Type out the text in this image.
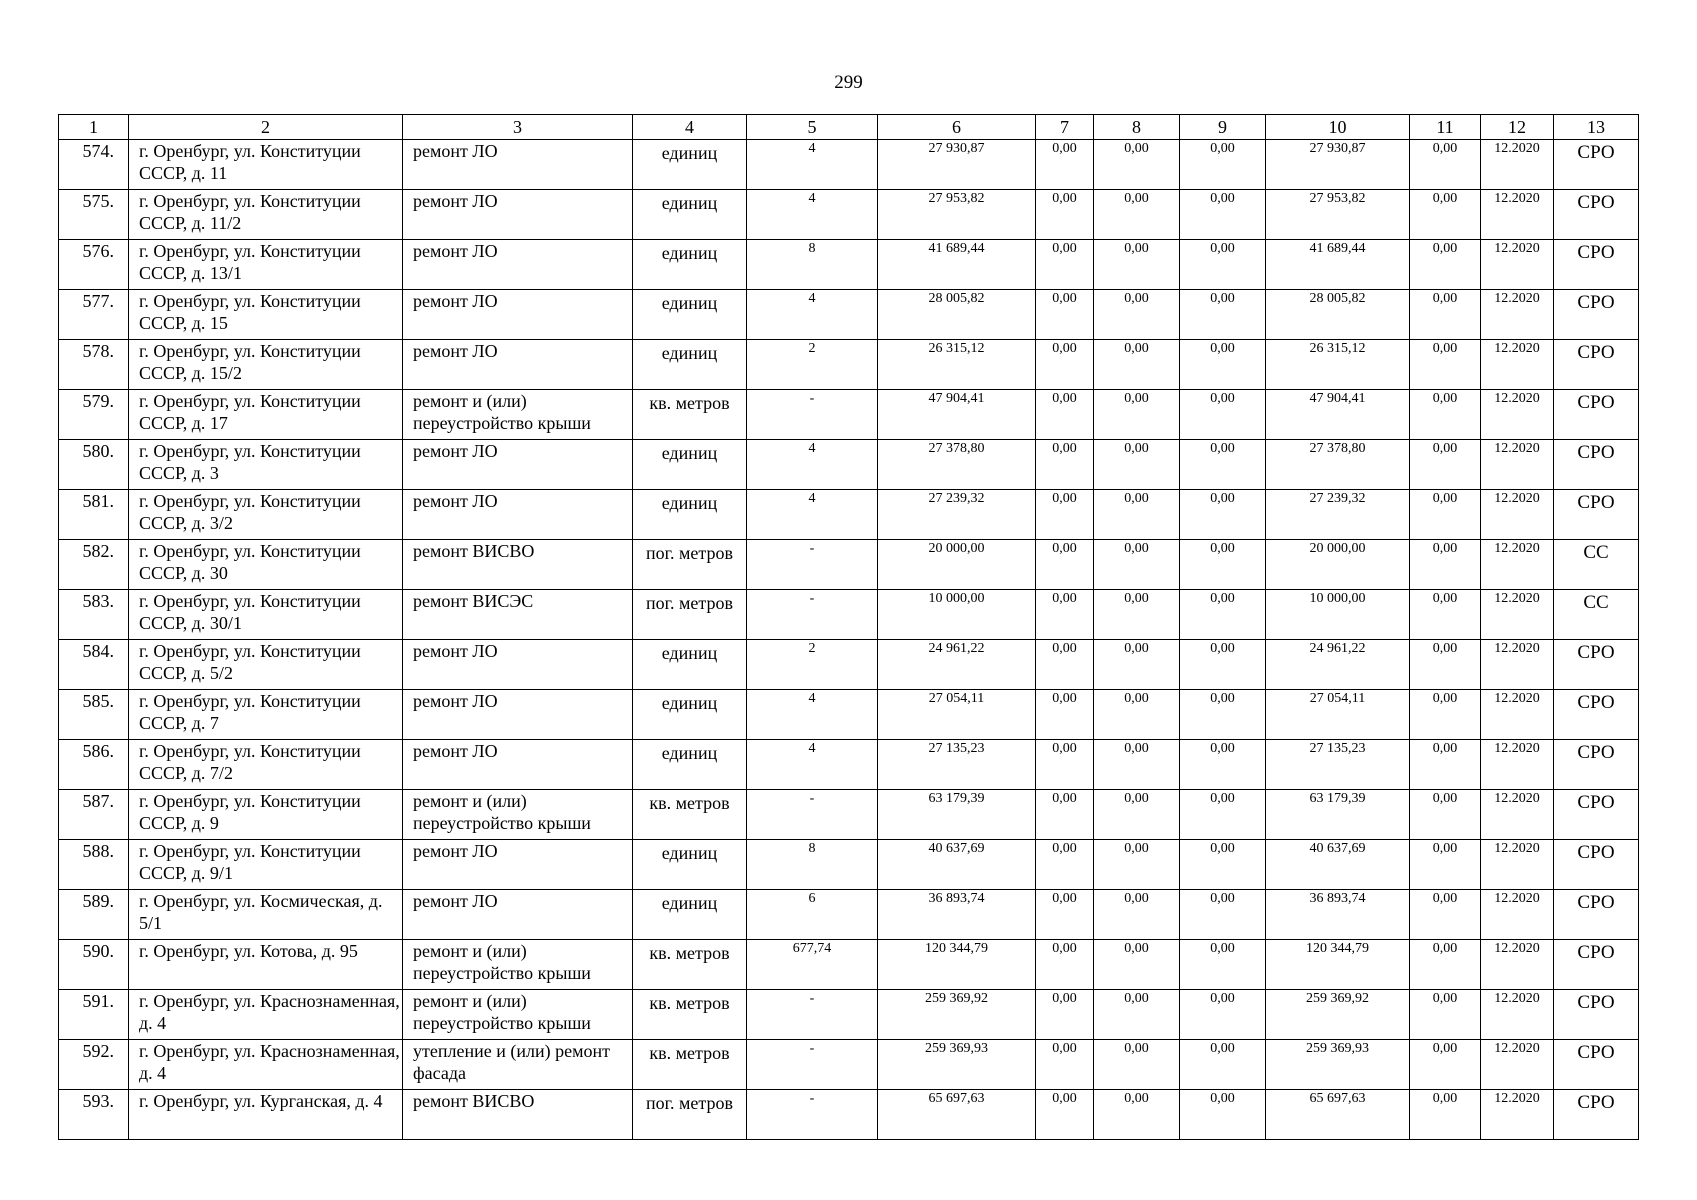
299
1	2	3	4	5	6	7	8	9	10	11	12	13
574.	г. Оренбург, ул. Конституции СССР, д. 11	ремонт ЛО	единиц	4	27 930,87	0,00	0,00	0,00	27 930,87	0,00	12.2020	СРО
575.	г. Оренбург, ул. Конституции СССР, д. 11/2	ремонт ЛО	единиц	4	27 953,82	0,00	0,00	0,00	27 953,82	0,00	12.2020	СРО
576.	г. Оренбург, ул. Конституции СССР, д. 13/1	ремонт ЛО	единиц	8	41 689,44	0,00	0,00	0,00	41 689,44	0,00	12.2020	СРО
577.	г. Оренбург, ул. Конституции СССР, д. 15	ремонт ЛО	единиц	4	28 005,82	0,00	0,00	0,00	28 005,82	0,00	12.2020	СРО
578.	г. Оренбург, ул. Конституции СССР, д. 15/2	ремонт ЛО	единиц	2	26 315,12	0,00	0,00	0,00	26 315,12	0,00	12.2020	СРО
579.	г. Оренбург, ул. Конституции СССР, д. 17	ремонт и (или) переустройство крыши	кв. метров	-	47 904,41	0,00	0,00	0,00	47 904,41	0,00	12.2020	СРО
580.	г. Оренбург, ул. Конституции СССР, д. 3	ремонт ЛО	единиц	4	27 378,80	0,00	0,00	0,00	27 378,80	0,00	12.2020	СРО
581.	г. Оренбург, ул. Конституции СССР, д. 3/2	ремонт ЛО	единиц	4	27 239,32	0,00	0,00	0,00	27 239,32	0,00	12.2020	СРО
582.	г. Оренбург, ул. Конституции СССР, д. 30	ремонт ВИСВО	пог. метров	-	20 000,00	0,00	0,00	0,00	20 000,00	0,00	12.2020	СС
583.	г. Оренбург, ул. Конституции СССР, д. 30/1	ремонт ВИСЭС	пог. метров	-	10 000,00	0,00	0,00	0,00	10 000,00	0,00	12.2020	СС
584.	г. Оренбург, ул. Конституции СССР, д. 5/2	ремонт ЛО	единиц	2	24 961,22	0,00	0,00	0,00	24 961,22	0,00	12.2020	СРО
585.	г. Оренбург, ул. Конституции СССР, д. 7	ремонт ЛО	единиц	4	27 054,11	0,00	0,00	0,00	27 054,11	0,00	12.2020	СРО
586.	г. Оренбург, ул. Конституции СССР, д. 7/2	ремонт ЛО	единиц	4	27 135,23	0,00	0,00	0,00	27 135,23	0,00	12.2020	СРО
587.	г. Оренбург, ул. Конституции СССР, д. 9	ремонт и (или) переустройство крыши	кв. метров	-	63 179,39	0,00	0,00	0,00	63 179,39	0,00	12.2020	СРО
588.	г. Оренбург, ул. Конституции СССР, д. 9/1	ремонт ЛО	единиц	8	40 637,69	0,00	0,00	0,00	40 637,69	0,00	12.2020	СРО
589.	г. Оренбург, ул. Космическая, д. 5/1	ремонт ЛО	единиц	6	36 893,74	0,00	0,00	0,00	36 893,74	0,00	12.2020	СРО
590.	г. Оренбург, ул. Котова, д. 95	ремонт и (или) переустройство крыши	кв. метров	677,74	120 344,79	0,00	0,00	0,00	120 344,79	0,00	12.2020	СРО
591.	г. Оренбург, ул. Краснознаменная, д. 4	ремонт и (или) переустройство крыши	кв. метров	-	259 369,92	0,00	0,00	0,00	259 369,92	0,00	12.2020	СРО
592.	г. Оренбург, ул. Краснознаменная, д. 4	утепление и (или) ремонт фасада	кв. метров	-	259 369,93	0,00	0,00	0,00	259 369,93	0,00	12.2020	СРО
593.	г. Оренбург, ул. Курганская, д. 4	ремонт ВИСВО	пог. метров	-	65 697,63	0,00	0,00	0,00	65 697,63	0,00	12.2020	СРО
